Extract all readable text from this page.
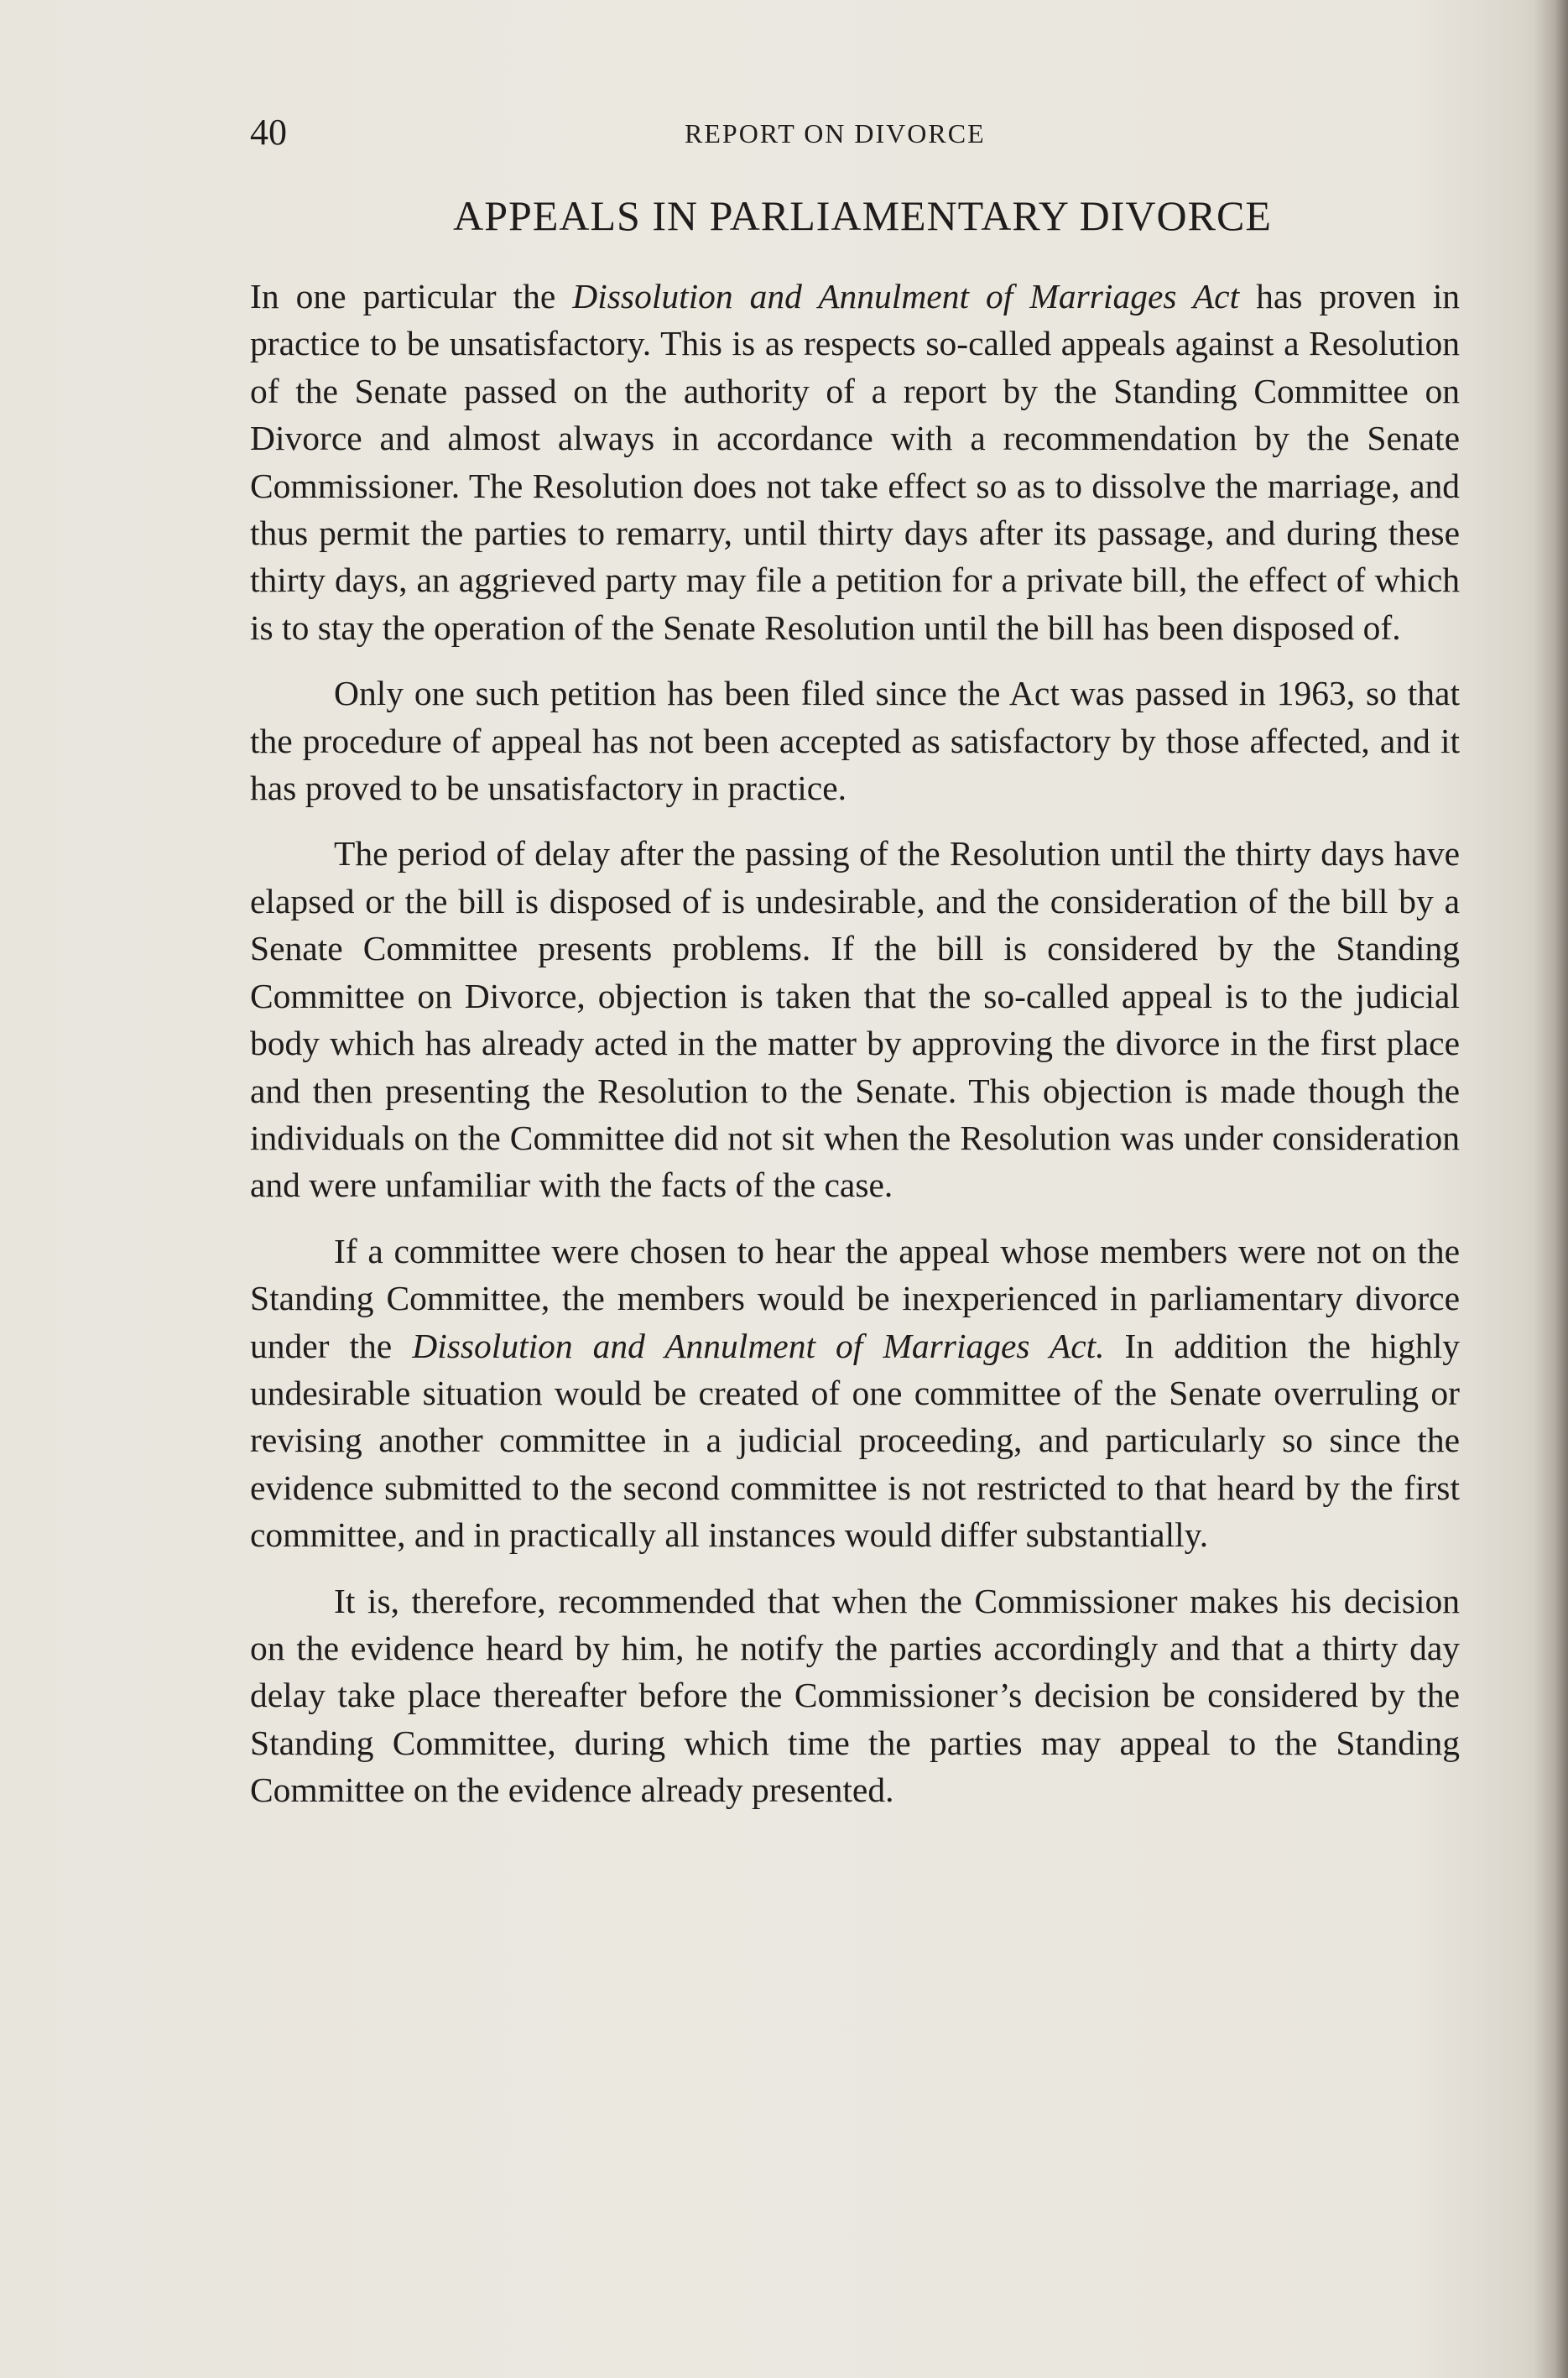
40	REPORT ON DIVORCE
APPEALS IN PARLIAMENTARY DIVORCE

In one particular the Dissolution and Annulment of Marriages Act has proven in practice to be unsatisfactory. This is as respects so-called appeals against a Resolution of the Senate passed on the authority of a report by the Standing Committee on Divorce and almost always in accordance with a recommendation by the Senate Commissioner. The Resolution does not take effect so as to dissolve the marriage, and thus permit the parties to remarry, until thirty days after its passage, and during these thirty days, an aggrieved party may file a petition for a private bill, the effect of which is to stay the operation of the Senate Resolution until the bill has been disposed of.

Only one such petition has been filed since the Act was passed in 1963, so that the procedure of appeal has not been accepted as satisfactory by those affected, and it has proved to be unsatisfactory in practice.

The period of delay after the passing of the Resolution until the thirty days have elapsed or the bill is disposed of is undesirable, and the consideration of the bill by a Senate Committee presents problems. If the bill is considered by the Standing Committee on Divorce, objection is taken that the so-called appeal is to the judicial body which has already acted in the matter by approving the divorce in the first place and then presenting the Resolution to the Senate. This objection is made though the individuals on the Committee did not sit when the Resolution was under consideration and were unfamiliar with the facts of the case.

If a committee were chosen to hear the appeal whose members were not on the Standing Committee, the members would be inexperienced in parliamentary divorce under the Dissolution and Annulment of Marriages Act. In addition the highly undesirable situation would be created of one committee of the Senate overruling or revising another committee in a judicial proceeding, and particularly so since the evidence submitted to the second committee is not restricted to that heard by the first committee, and in practically all instances would differ substantially.

It is, therefore, recommended that when the Commissioner makes his decision on the evidence heard by him, he notify the parties accordingly and that a thirty day delay take place thereafter before the Commissioner’s decision be considered by the Standing Committee, during which time the parties may appeal to the Standing Committee on the evidence already presented.
